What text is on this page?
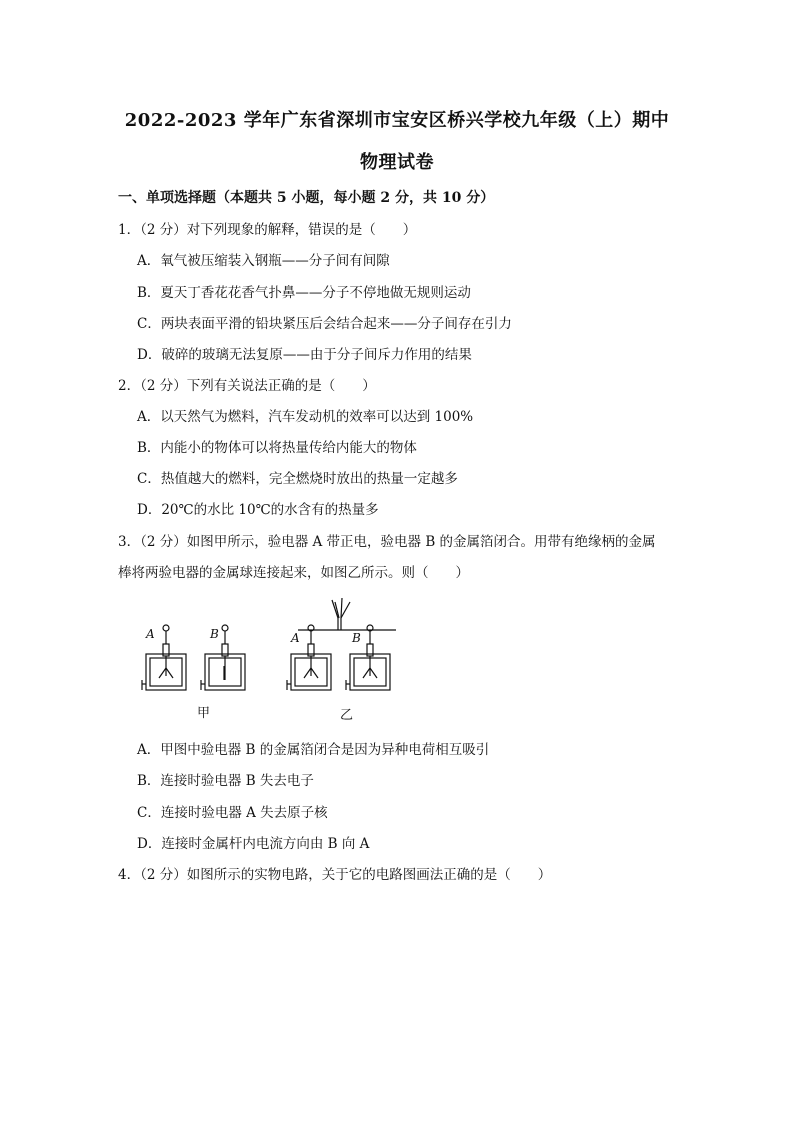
2022-2023 学年广东省深圳市宝安区桥兴学校九年级（上）期中
物理试卷
一、单项选择题（本题共 5 小题，每小题 2 分，共 10 分）
1．（2 分）对下列现象的解释，错误的是（　　）
A．氧气被压缩装入钢瓶——分子间有间隙
B．夏天丁香花花香气扑鼻——分子不停地做无规则运动
C．两块表面平滑的铅块紧压后会结合起来——分子间存在引力
D．破碎的玻璃无法复原——由于分子间斥力作用的结果
2．（2 分）下列有关说法正确的是（　　）
A．以天然气为燃料，汽车发动机的效率可以达到 100%
B．内能小的物体可以将热量传给内能大的物体
C．热值越大的燃料，完全燃烧时放出的热量一定越多
D．20℃的水比 10℃的水含有的热量多
3．（2 分）如图甲所示，验电器 A 带正电，验电器 B 的金属箔闭合。用带有绝缘柄的金属
棒将两验电器的金属球连接起来，如图乙所示。则（　　）
A	B	A	B
甲	乙
A．甲图中验电器 B 的金属箔闭合是因为异种电荷相互吸引
B．连接时验电器 B 失去电子
C．连接时验电器 A 失去原子核
D．连接时金属杆内电流方向由 B 向 A
4．（2 分）如图所示的实物电路，关于它的电路图画法正确的是（　　）
